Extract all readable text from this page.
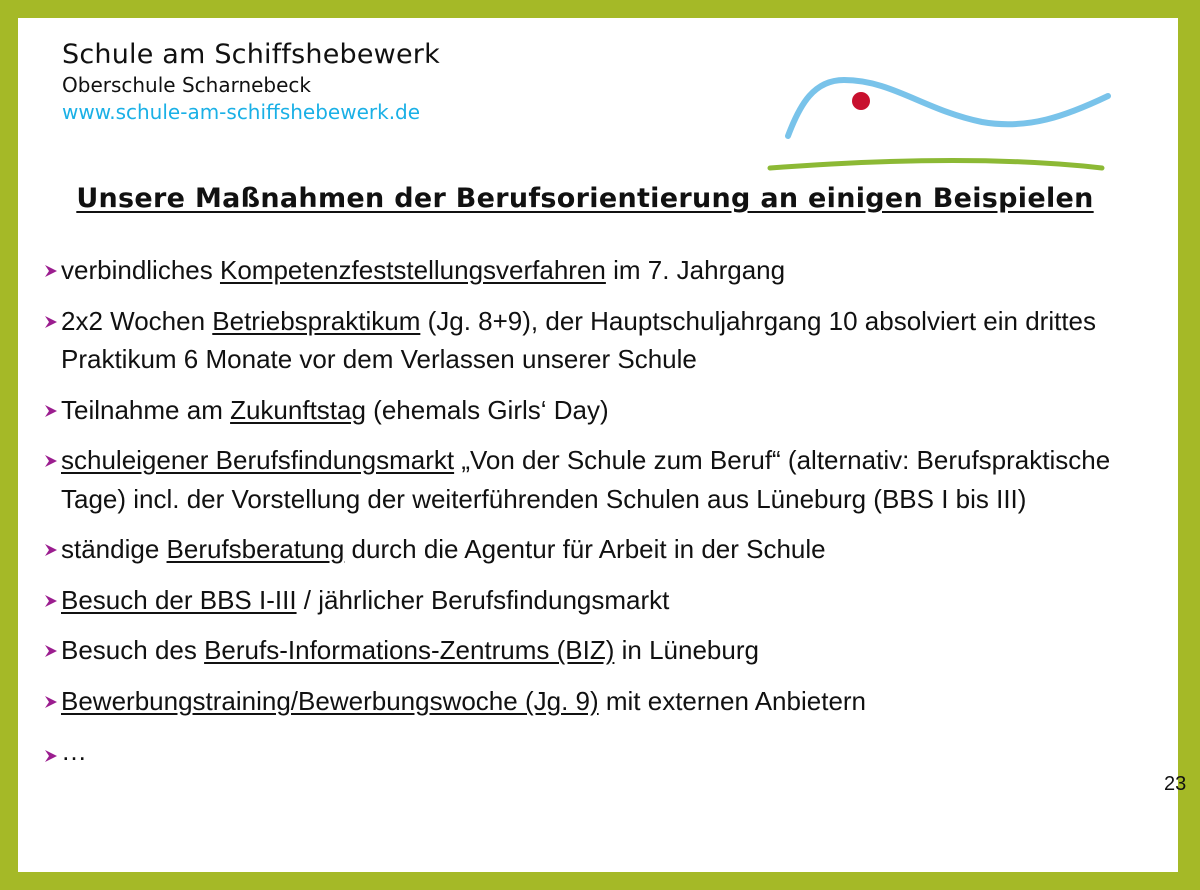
Schule am Schiffshebewerk
Oberschule Scharnebeck
www.schule-am-schiffshebewerk.de
Unsere Maßnahmen der Berufsorientierung an einigen Beispielen
verbindliches Kompetenzfeststellungsverfahren im 7. Jahrgang
2x2 Wochen Betriebspraktikum (Jg. 8+9), der Hauptschuljahrgang 10 absolviert ein drittes Praktikum 6 Monate vor dem Verlassen unserer Schule
Teilnahme am Zukunftstag (ehemals Girls‘ Day)
schuleigener Berufsfindungsmarkt „Von der Schule zum Beruf“ (alternativ: Berufspraktische Tage) incl. der Vorstellung der weiterführenden Schulen aus Lüneburg (BBS I bis III)
ständige Berufsberatung durch die Agentur für Arbeit in der Schule
Besuch der BBS I-III / jährlicher Berufsfindungsmarkt
Besuch des Berufs-Informations-Zentrums (BIZ) in Lüneburg
Bewerbungstraining/Bewerbungswoche (Jg. 9) mit externen Anbietern
…
23
